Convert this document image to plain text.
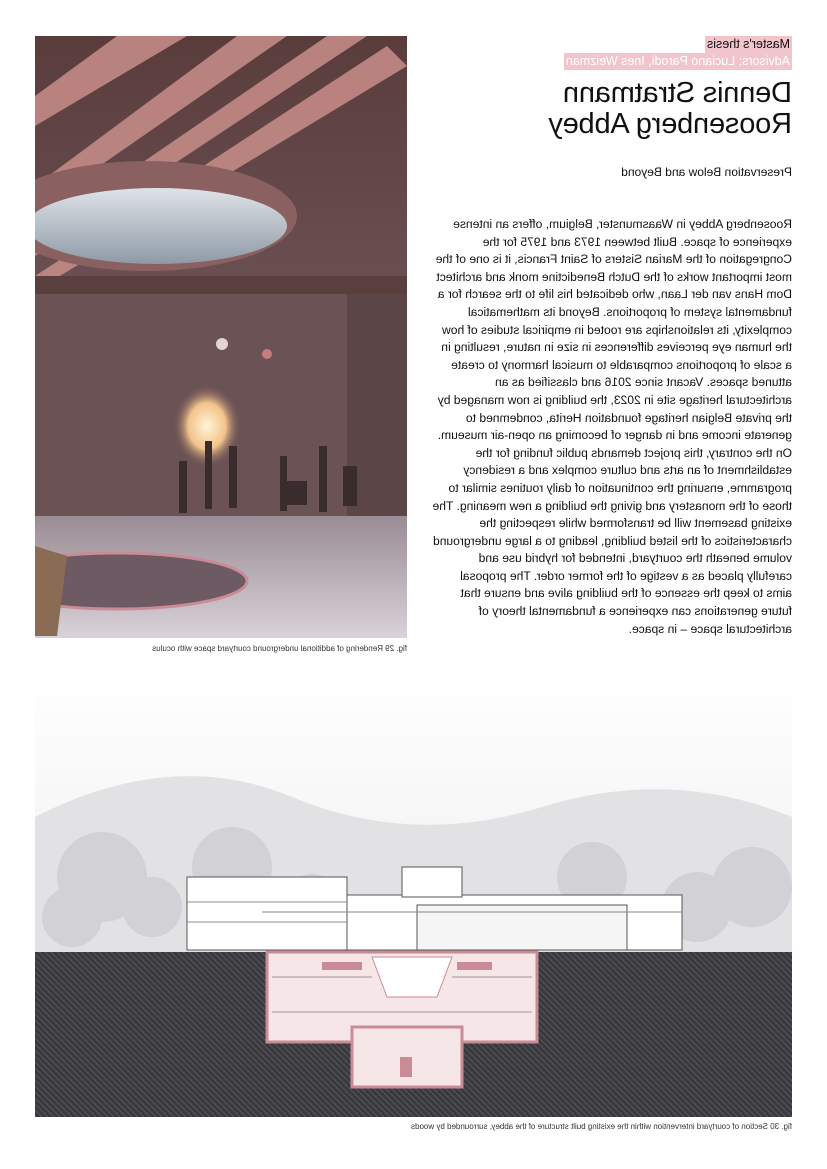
Master's thesis
Advisors: Luciano Parodi, Ines Weizman
Dennis Stratmann
Roosenberg Abbey
Preservation Below and Beyond
Roosenberg Abbey in Waasmunster, Belgium, offers an intense experience of space. Built between 1973 and 1975 for the Congregation of the Marian Sisters of Saint Francis, it is one of the most important works of the Dutch Benedictine monk and architect Dom Hans van der Laan, who dedicated his life to the search for a fundamental system of proportions. Beyond its mathematical complexity, its relationships are rooted in empirical studies of how the human eye perceives differences in size in nature, resulting in a scale of proportions comparable to musical harmony to create attuned spaces. Vacant since 2016 and classified as an architectural heritage site in 2023, the building is now managed by the private Belgian heritage foundation Herita, condemned to generate income and in danger of becoming an open-air museum. On the contrary, this project demands public funding for the establishment of an arts and culture complex and a residency programme, ensuring the continuation of daily routines similar to those of the monastery and giving the building a new meaning. The existing basement will be transformed while respecting the characteristics of the listed building, leading to a large underground volume beneath the courtyard, intended for hybrid use and carefully placed as a vestige of the former order. The proposal aims to keep the essence of the building alive and ensure that future generations can experience a fundamental theory of architectural space – in space.
fig. 29 Rendering of additional underground courtyard space with oculus
fig. 30 Section of courtyard intervention within the existing built structure of the abbey, surrounded by woods
